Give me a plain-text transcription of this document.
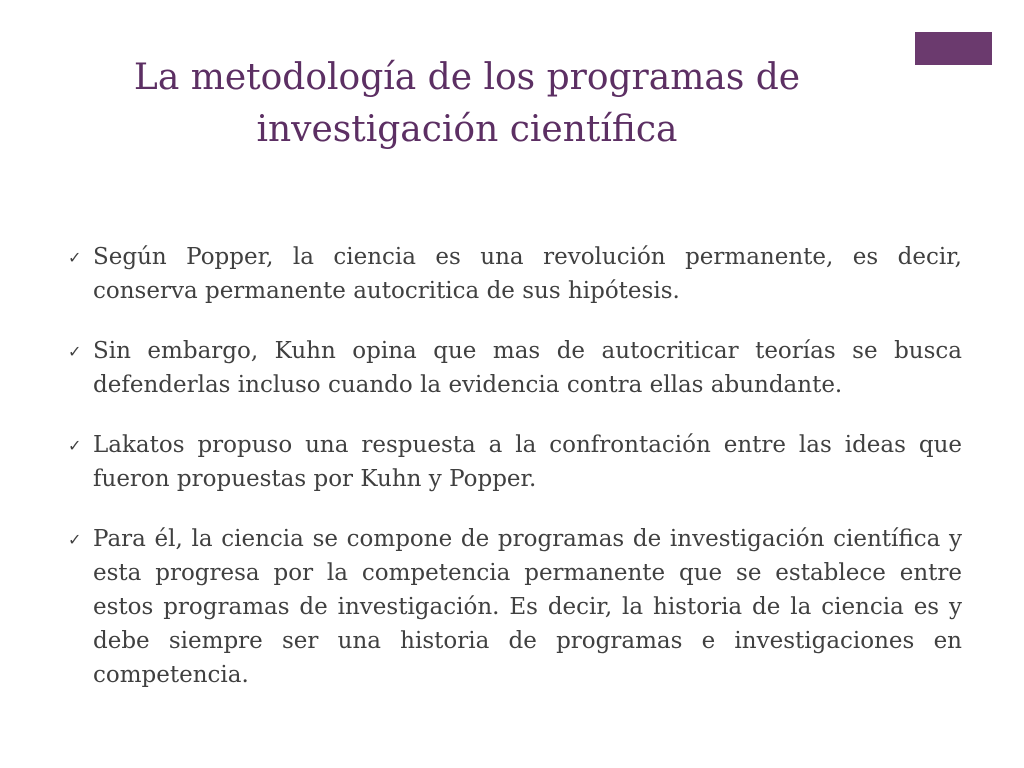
La metodología de los programas de
investigación científica
✓ Según Popper, la ciencia es una revolución permanente, es decir, conserva permanente autocritica de sus hipótesis.

✓ Sin embargo, Kuhn opina que mas de autocriticar teorías se busca defenderlas incluso cuando la evidencia contra ellas abundante.

✓ Lakatos propuso una respuesta a la confrontación entre las ideas que fueron propuestas por Kuhn y Popper.

✓ Para él, la ciencia se compone de programas de investigación científica y esta progresa por la competencia permanente que se establece entre estos programas de investigación. Es decir, la historia de la ciencia es y debe siempre ser una historia de programas e investigaciones en competencia.
